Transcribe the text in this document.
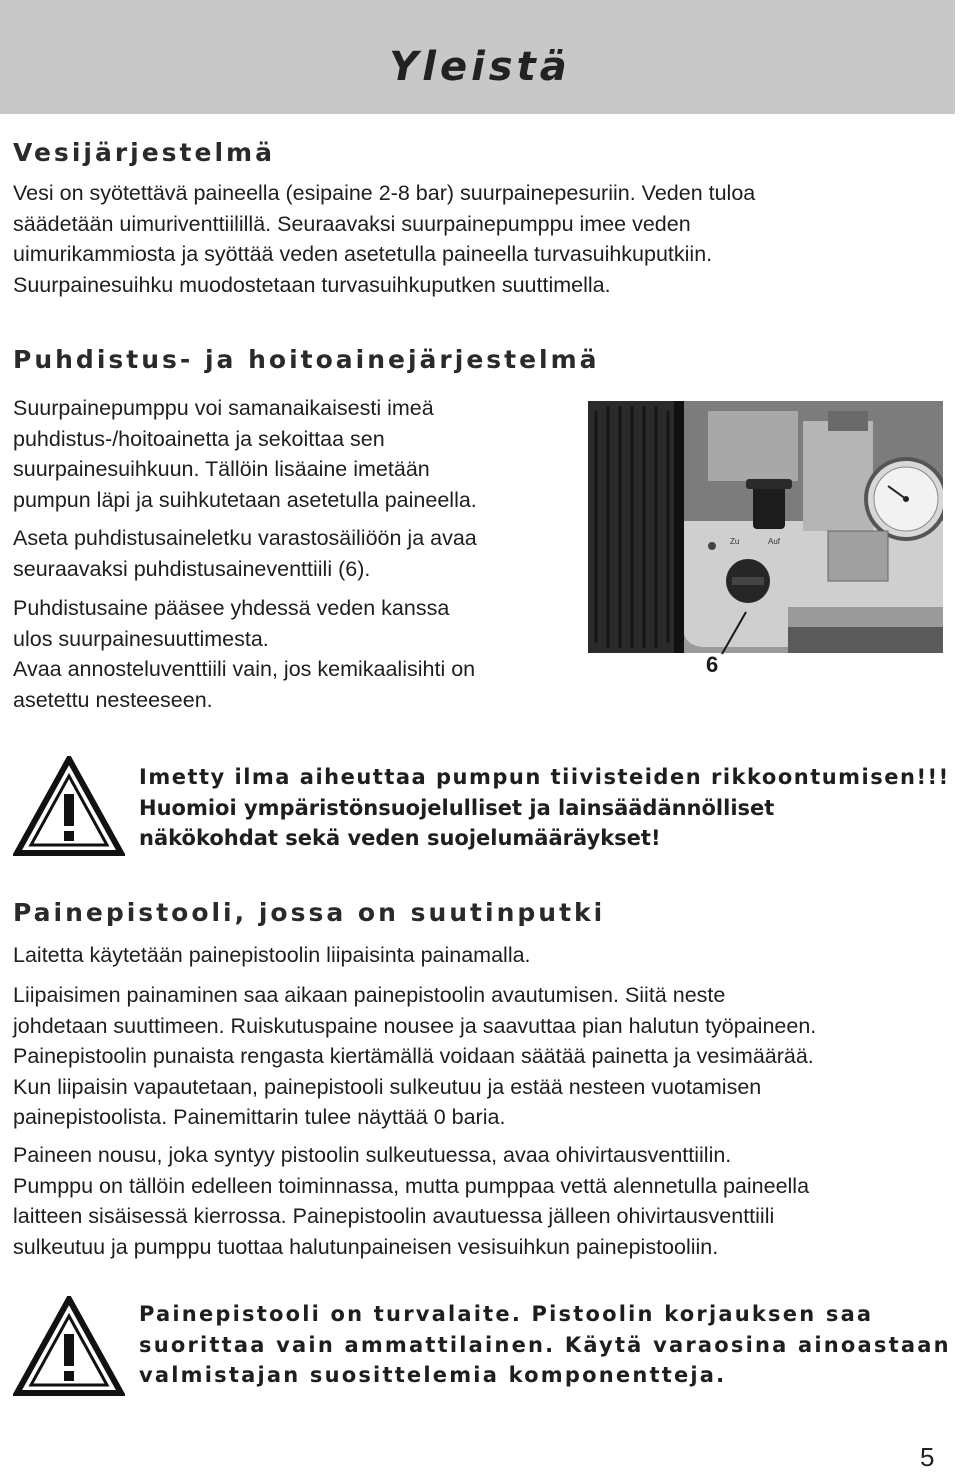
Yleistä
Vesijärjestelmä
Vesi on syötettävä paineella (esipaine 2-8 bar) suurpainepesuriin. Veden tuloa
säädetään uimuriventtiilillä. Seuraavaksi suurpainepumppu imee veden
uimurikammiosta ja syöttää veden asetetulla paineella turvasuihkuputkiin.
Suurpainesuihku muodostetaan turvasuihkuputken suuttimella.
Puhdistus- ja hoitoainejärjestelmä
Suurpainepumppu voi samanaikaisesti imeä
puhdistus-/hoitoainetta ja sekoittaa sen
suurpainesuihkuun. Tällöin lisäaine imetään
pumpun läpi ja suihkutetaan asetetulla paineella.
Aseta puhdistusaineletku varastosäiliöön ja avaa
seuraavaksi puhdistusaineventtiili (6).
Puhdistusaine pääsee yhdessä veden kanssa
ulos suurpainesuuttimesta.
Avaa annosteluventtiili vain, jos kemikaalisihti on
asetettu nesteeseen.
Zu	Auf
6
Imetty ilma aiheuttaa pumpun tiivisteiden rikkoontumisen!!!
Huomioi ympäristönsuojelulliset ja lainsäädännölliset
näkökohdat sekä veden suojelumääräykset!
Painepistooli, jossa on suutinputki
Laitetta käytetään painepistoolin liipaisinta painamalla.
Liipaisimen painaminen saa aikaan painepistoolin avautumisen. Siitä neste
johdetaan suuttimeen. Ruiskutuspaine nousee ja saavuttaa pian halutun työpaineen.
Painepistoolin punaista rengasta kiertämällä voidaan säätää painetta ja vesimäärää.
Kun liipaisin vapautetaan, painepistooli sulkeutuu ja estää nesteen vuotamisen
painepistoolista. Painemittarin tulee näyttää 0 baria.
Paineen nousu, joka syntyy pistoolin sulkeutuessa, avaa ohivirtausventtiilin.
Pumppu on tällöin edelleen toiminnassa, mutta pumppaa vettä alennetulla paineella
laitteen sisäisessä kierrossa. Painepistoolin avautuessa jälleen ohivirtausventtiili
sulkeutuu ja pumppu tuottaa halutunpaineisen vesisuihkun painepistooliin.
Painepistooli on turvalaite. Pistoolin korjauksen saa
suorittaa vain ammattilainen. Käytä varaosina ainoastaan
valmistajan suosittelemia komponentteja.
5
